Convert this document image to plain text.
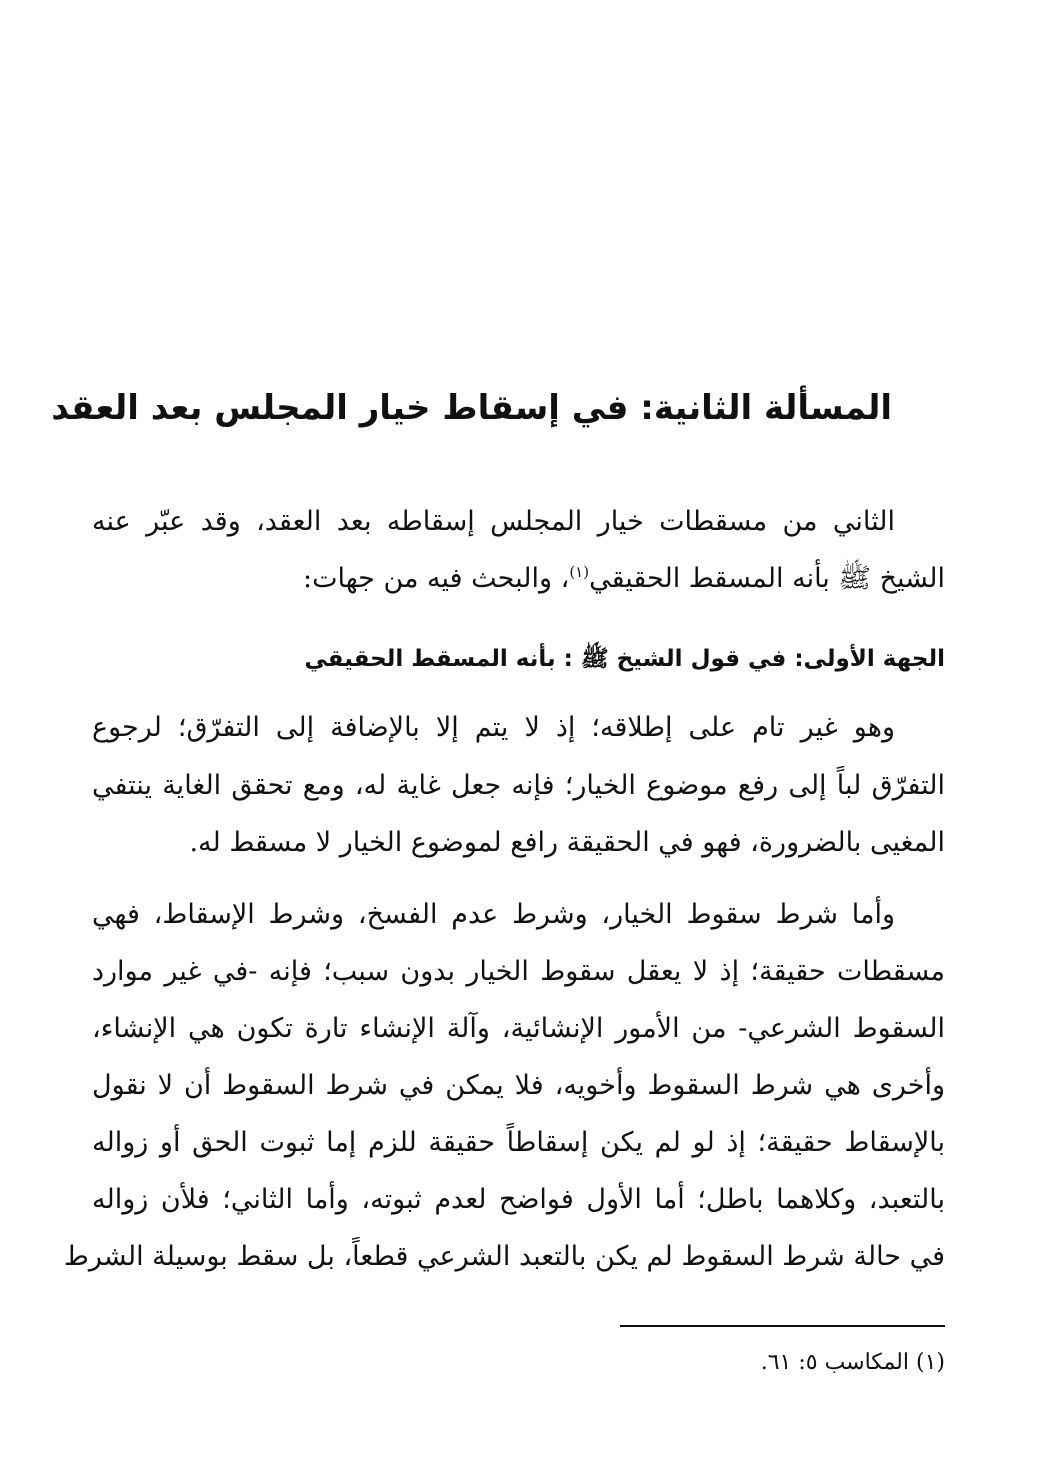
المسألة الثانية: في إسقاط خيار المجلس بعد العقد
الثاني من مسقطات خيار المجلس إسقاطه بعد العقد، وقد عبّر عنه
الشيخ ﷺ بأنه المسقط الحقيقي$^{(١)}$، والبحث فيه من جهات:
الجهة الأولى: في قول الشيخ ﷺ : بأنه المسقط الحقيقي
وهو غير تام على إطلاقه؛ إذ لا يتم إلا بالإضافة إلى التفرّق؛ لرجوع
التفرّق لباً إلى رفع موضوع الخيار؛ فإنه جعل غاية له، ومع تحقق الغاية ينتفي
المغيى بالضرورة، فهو في الحقيقة رافع لموضوع الخيار لا مسقط له.
وأما شرط سقوط الخيار، وشرط عدم الفسخ، وشرط الإسقاط، فهي
مسقطات حقيقة؛ إذ لا يعقل سقوط الخيار بدون سبب؛ فإنه -في غير موارد
السقوط الشرعي- من الأمور الإنشائية، وآلة الإنشاء تارة تكون هي الإنشاء،
وأخرى هي شرط السقوط وأخويه، فلا يمكن في شرط السقوط أن لا نقول
بالإسقاط حقيقة؛ إذ لو لم يكن إسقاطاً حقيقة للزم إما ثبوت الحق أو زواله
بالتعبد، وكلاهما باطل؛ أما الأول فواضح لعدم ثبوته، وأما الثاني؛ فلأن زواله
في حالة شرط السقوط لم يكن بالتعبد الشرعي قطعاً، بل سقط بوسيلة الشرط
(١) المكاسب ٥: ٦١.
